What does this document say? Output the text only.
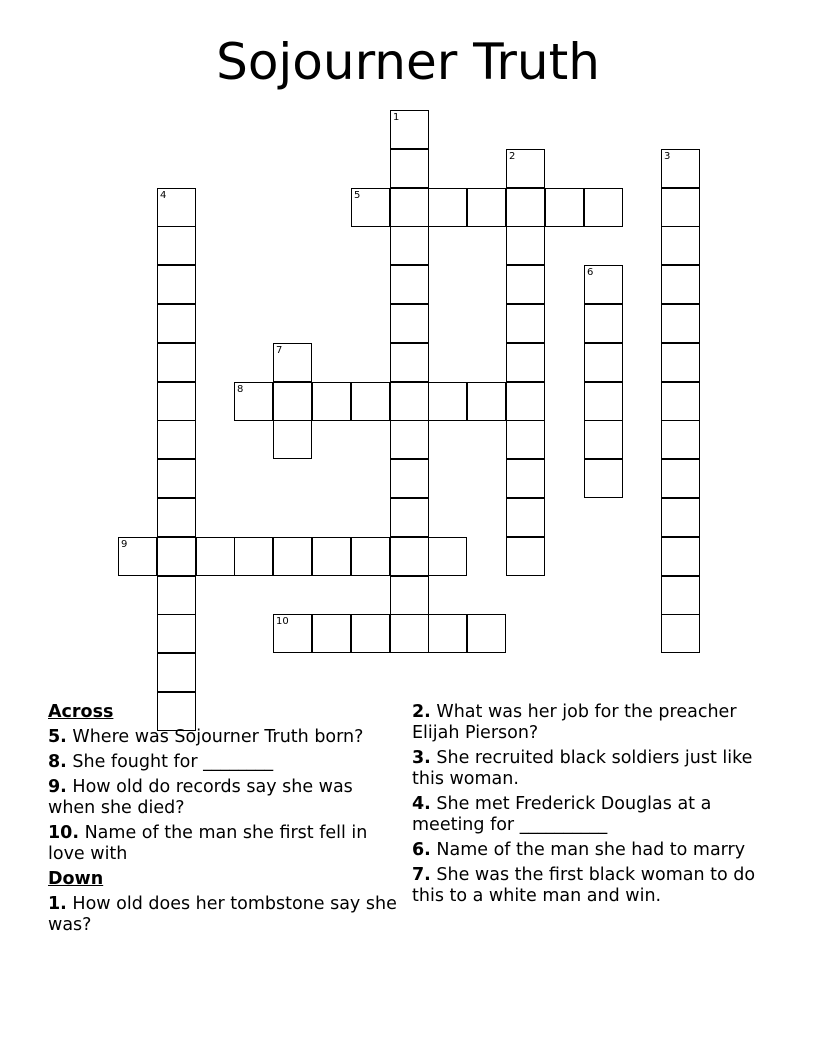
Sojourner Truth
1
2	3
4	5
6
7
8
9
10
Across
5. Where was Sojourner Truth born?
8. She fought for ________
9. How old do records say she was when she died?
10. Name of the man she first fell in love with
Down
1. How old does her tombstone say she was?
2. What was her job for the preacher Elijah Pierson?
3. She recruited black soldiers just like this woman.
4. She met Frederick Douglas at a meeting for __________
6. Name of the man she had to marry
7. She was the first black woman to do this to a white man and win.
